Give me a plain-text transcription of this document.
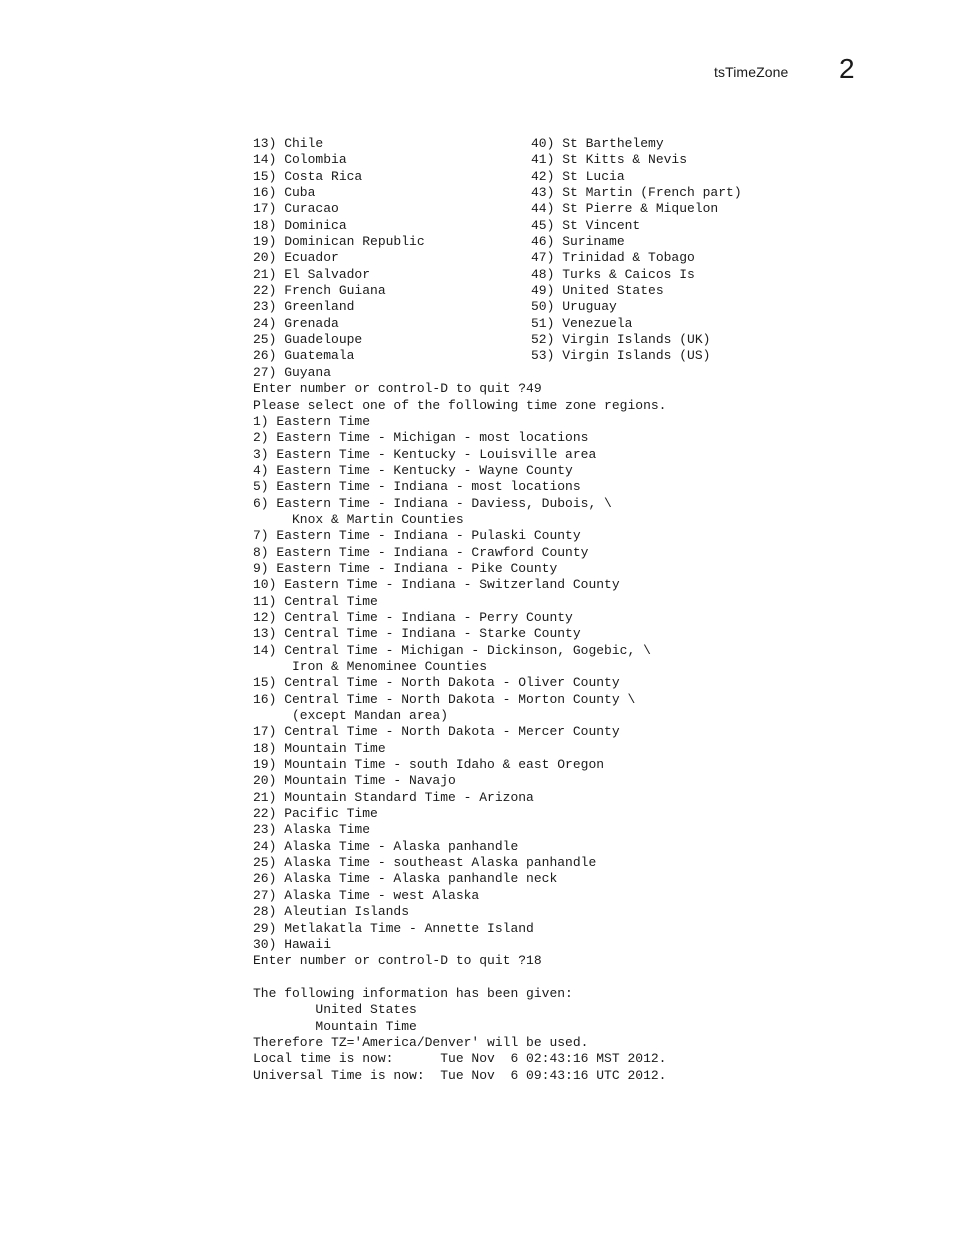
tsTimeZone 2
13) Chile
14) Colombia
15) Costa Rica
16) Cuba
17) Curacao
18) Dominica
19) Dominican Republic
20) Ecuador
21) El Salvador
22) French Guiana
23) Greenland
24) Grenada
25) Guadeloupe
26) Guatemala
27) Guyana
40) St Barthelemy
41) St Kitts & Nevis
42) St Lucia
43) St Martin (French part)
44) St Pierre & Miquelon
45) St Vincent
46) Suriname
47) Trinidad & Tobago
48) Turks & Caicos Is
49) United States
50) Uruguay
51) Venezuela
52) Virgin Islands (UK)
53) Virgin Islands (US)
Enter number or control-D to quit ?49
Please select one of the following time zone regions.
1) Eastern Time
2) Eastern Time - Michigan - most locations
3) Eastern Time - Kentucky - Louisville area
4) Eastern Time - Kentucky - Wayne County
5) Eastern Time - Indiana - most locations
6) Eastern Time - Indiana - Daviess, Dubois, \
Knox & Martin Counties
7) Eastern Time - Indiana - Pulaski County
8) Eastern Time - Indiana - Crawford County
9) Eastern Time - Indiana - Pike County
10) Eastern Time - Indiana - Switzerland County
11) Central Time
12) Central Time - Indiana - Perry County
13) Central Time - Indiana - Starke County
14) Central Time - Michigan - Dickinson, Gogebic, \
Iron & Menominee Counties
15) Central Time - North Dakota - Oliver County
16) Central Time - North Dakota - Morton County \
(except Mandan area)
17) Central Time - North Dakota - Mercer County
18) Mountain Time
19) Mountain Time - south Idaho & east Oregon
20) Mountain Time - Navajo
21) Mountain Standard Time - Arizona
22) Pacific Time
23) Alaska Time
24) Alaska Time - Alaska panhandle
25) Alaska Time - southeast Alaska panhandle
26) Alaska Time - Alaska panhandle neck
27) Alaska Time - west Alaska
28) Aleutian Islands
29) Metlakatla Time - Annette Island
30) Hawaii
Enter number or control-D to quit ?18
The following information has been given:
United States
Mountain Time
Therefore TZ='America/Denver' will be used.
Local time is now:      Tue Nov  6 02:43:16 MST 2012.
Universal Time is now:  Tue Nov  6 09:43:16 UTC 2012.
